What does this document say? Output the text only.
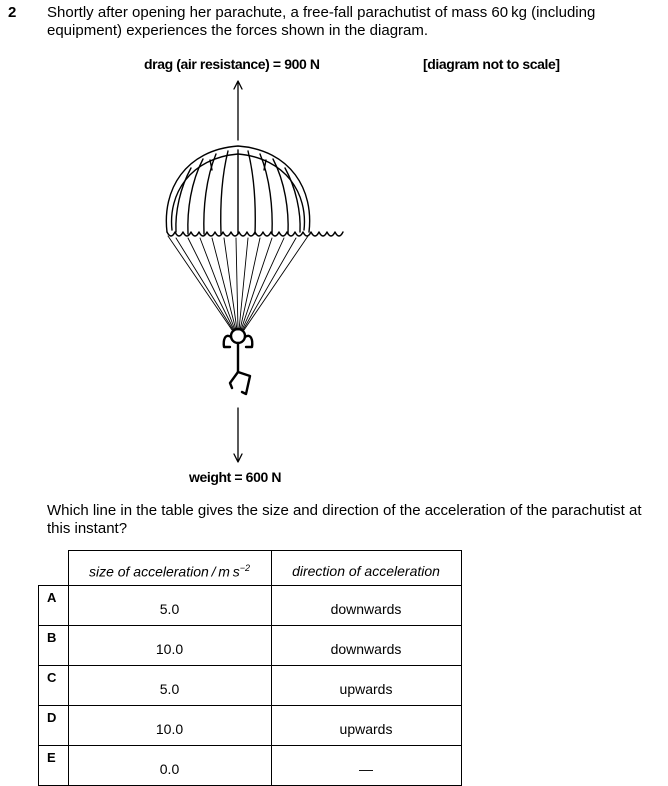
2 Shortly after opening her parachute, a free-fall parachutist of mass 60 kg (including equipment) experiences the forces shown in the diagram.
drag (air resistance) = 900 N	[diagram not to scale]
weight = 600 N
Which line in the table gives the size and direction of the acceleration of the parachutist at this instant?
	size of acceleration / m $s^{-2}$	direction of acceleration
A	5.0	downwards
B	10.0	downwards
C	5.0	upwards
D	10.0	upwards
E	0.0	—
